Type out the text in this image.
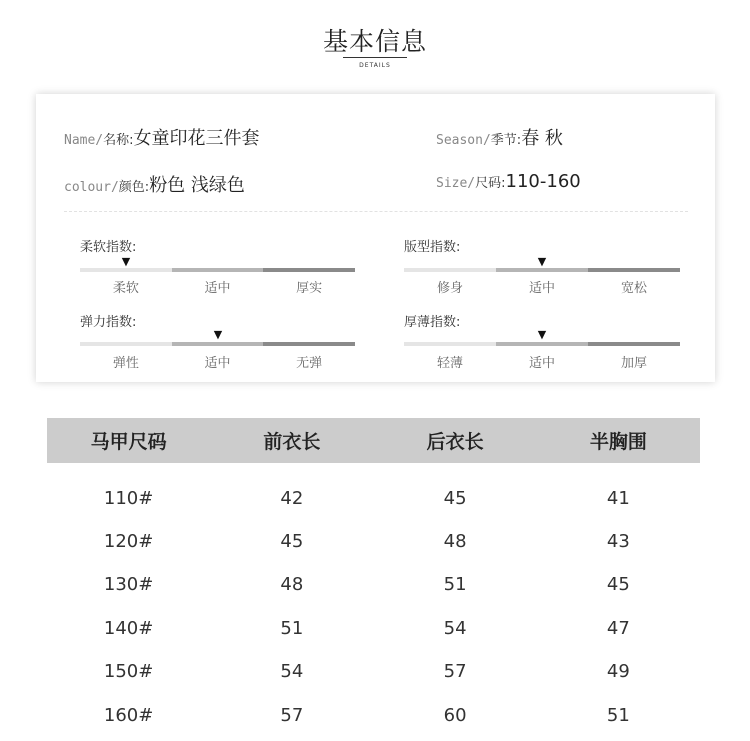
基本信息
DETAILS
Name/名称:女童印花三件套	Season/季节:春 秋
colour/颜色:粉色 浅绿色	Size/尺码:110-160
柔软指数:
▼
柔软	适中	厚实
版型指数:
▼
修身	适中	宽松
弹力指数:
▼
弹性	适中	无弹
厚薄指数:
▼
轻薄	适中	加厚
马甲尺码	前衣长	后衣长	半胸围
110#	42	45	41
120#	45	48	43
130#	48	51	45
140#	51	54	47
150#	54	57	49
160#	57	60	51
